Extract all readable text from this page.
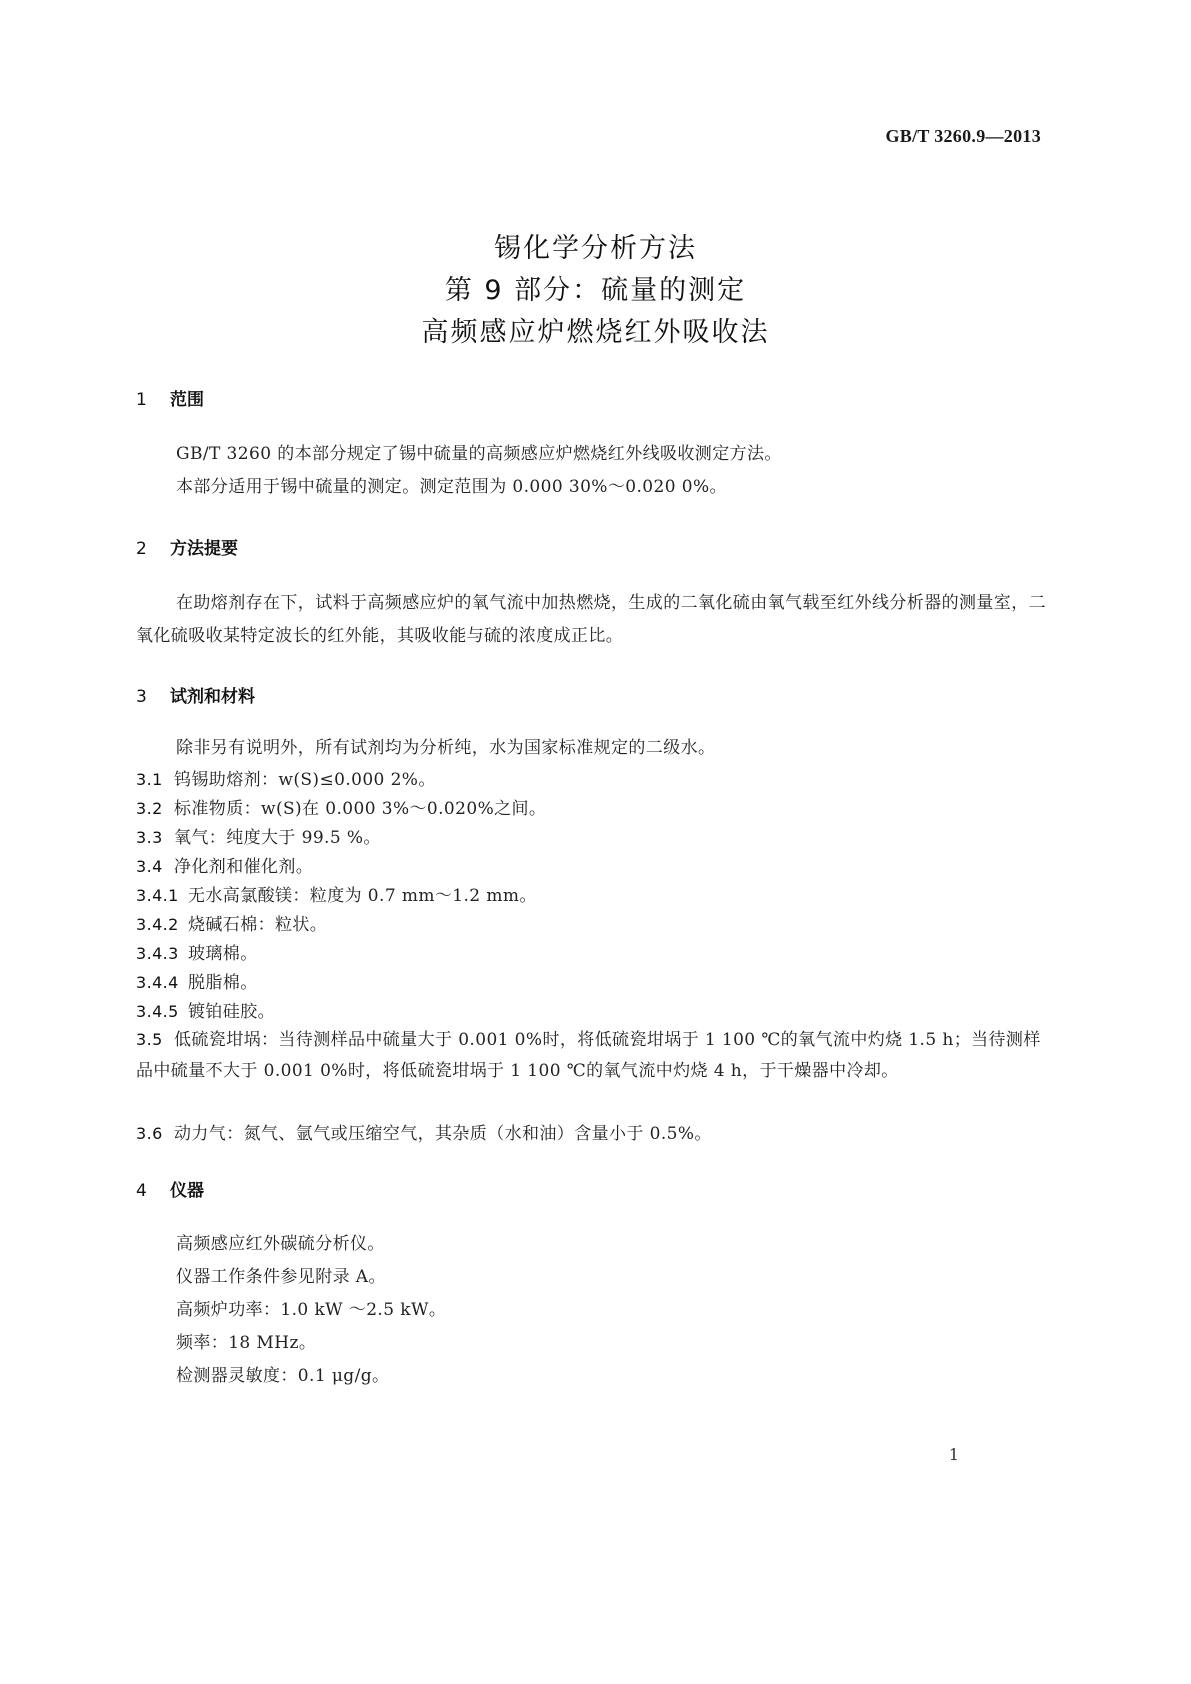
GB/T 3260.9—2013
锡化学分析方法
第 9 部分：硫量的测定
高频感应炉燃烧红外吸收法
1 范围
GB/T 3260 的本部分规定了锡中硫量的高频感应炉燃烧红外线吸收测定方法。
本部分适用于锡中硫量的测定。测定范围为 0.000 30%～0.020 0%。
2 方法提要
在助熔剂存在下，试料于高频感应炉的氧气流中加热燃烧，生成的二氧化硫由氧气载至红外线分析器的测量室，二氧化硫吸收某特定波长的红外能，其吸收能与硫的浓度成正比。
3 试剂和材料
除非另有说明外，所有试剂均为分析纯，水为国家标准规定的二级水。
3.1 钨锡助熔剂：w(S)≤0.000 2%。
3.2 标准物质：w(S)在 0.000 3%～0.020%之间。
3.3 氧气：纯度大于 99.5 %。
3.4 净化剂和催化剂。
3.4.1 无水高氯酸镁：粒度为 0.7 mm～1.2 mm。
3.4.2 烧碱石棉：粒状。
3.4.3 玻璃棉。
3.4.4 脱脂棉。
3.4.5 镀铂硅胶。
3.5 低硫瓷坩埚：当待测样品中硫量大于 0.001 0%时，将低硫瓷坩埚于 1 100 ℃的氧气流中灼烧 1.5 h；当待测样品中硫量不大于 0.001 0%时，将低硫瓷坩埚于 1 100 ℃的氧气流中灼烧 4 h，于干燥器中冷却。
3.6 动力气：氮气、氩气或压缩空气，其杂质（水和油）含量小于 0.5%。
4 仪器
高频感应红外碳硫分析仪。
仪器工作条件参见附录 A。
高频炉功率：1.0 kW ～2.5 kW。
频率：18 MHz。
检测器灵敏度：0.1 μg/g。
1
